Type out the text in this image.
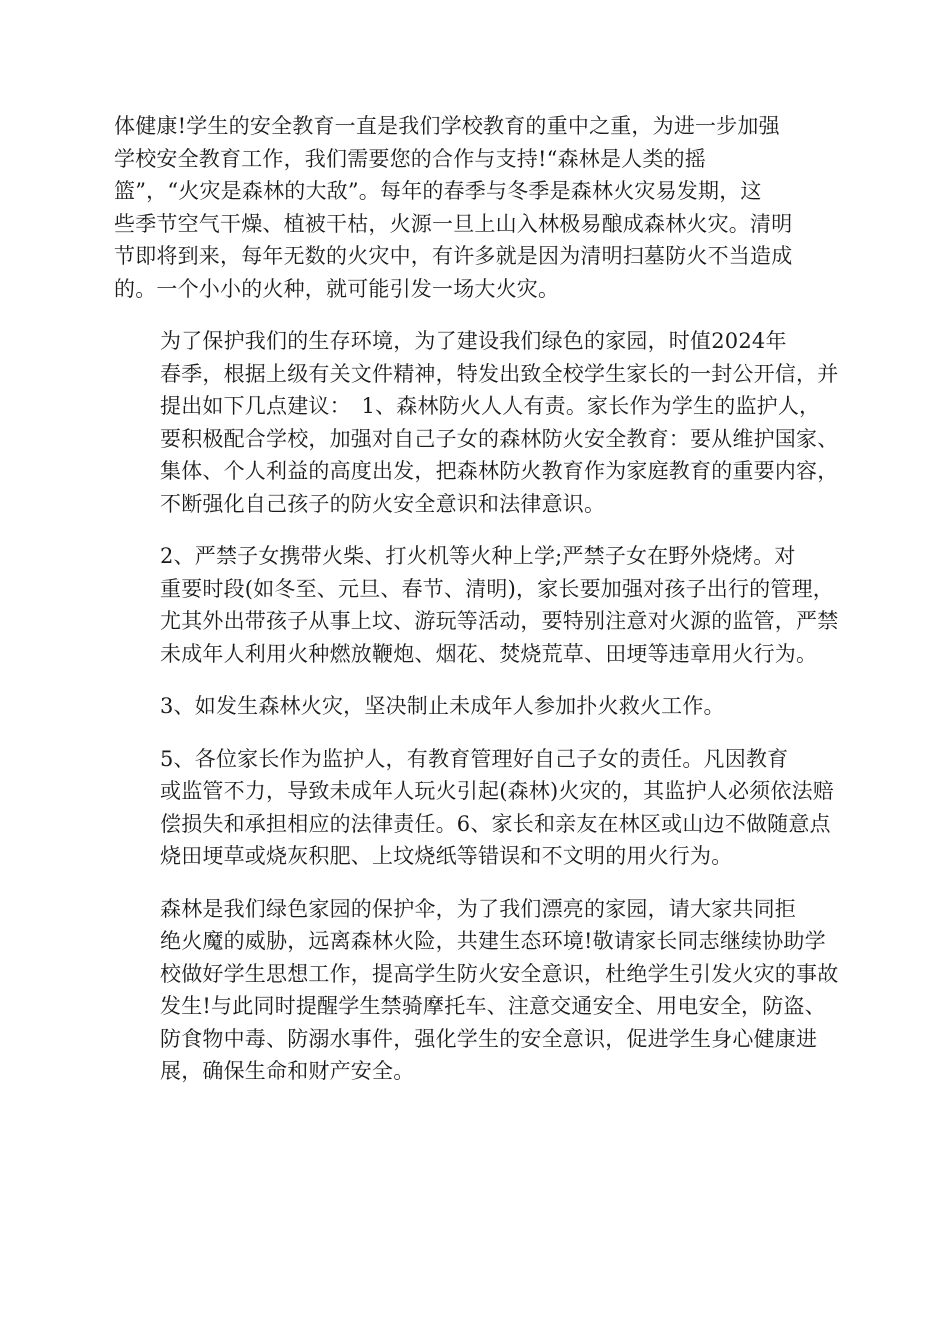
体健康!学生的安全教育一直是我们学校教育的重中之重，为进一步加强
学校安全教育工作，我们需要您的合作与支持!“森林是人类的摇
篮”，“火灾是森林的大敌”。每年的春季与冬季是森林火灾易发期，这
些季节空气干燥、植被干枯，火源一旦上山入林极易酿成森林火灾。清明
节即将到来，每年无数的火灾中，有许多就是因为清明扫墓防火不当造成
的。一个小小的火种，就可能引发一场大火灾。

为了保护我们的生存环境，为了建设我们绿色的家园，时值2024年
春季，根据上级有关文件精神，特发出致全校学生家长的一封公开信，并
提出如下几点建议：　1、森林防火人人有责。家长作为学生的监护人，
要积极配合学校，加强对自己子女的森林防火安全教育：要从维护国家、
集体、个人利益的高度出发，把森林防火教育作为家庭教育的重要内容，
不断强化自己孩子的防火安全意识和法律意识。

2、严禁子女携带火柴、打火机等火种上学;严禁子女在野外烧烤。对
重要时段(如冬至、元旦、春节、清明)，家长要加强对孩子出行的管理，
尤其外出带孩子从事上坟、游玩等活动，要特别注意对火源的监管，严禁
未成年人利用火种燃放鞭炮、烟花、焚烧荒草、田埂等违章用火行为。

3、如发生森林火灾，坚决制止未成年人参加扑火救火工作。

5、各位家长作为监护人，有教育管理好自己子女的责任。凡因教育
或监管不力，导致未成年人玩火引起(森林)火灾的，其监护人必须依法赔
偿损失和承担相应的法律责任。6、家长和亲友在林区或山边不做随意点
烧田埂草或烧灰积肥、上坟烧纸等错误和不文明的用火行为。

森林是我们绿色家园的保护伞，为了我们漂亮的家园，请大家共同拒
绝火魔的威胁，远离森林火险，共建生态环境!敬请家长同志继续协助学
校做好学生思想工作，提高学生防火安全意识，杜绝学生引发火灾的事故
发生!与此同时提醒学生禁骑摩托车、注意交通安全、用电安全，防盗、
防食物中毒、防溺水事件，强化学生的安全意识，促进学生身心健康进
展，确保生命和财产安全。
